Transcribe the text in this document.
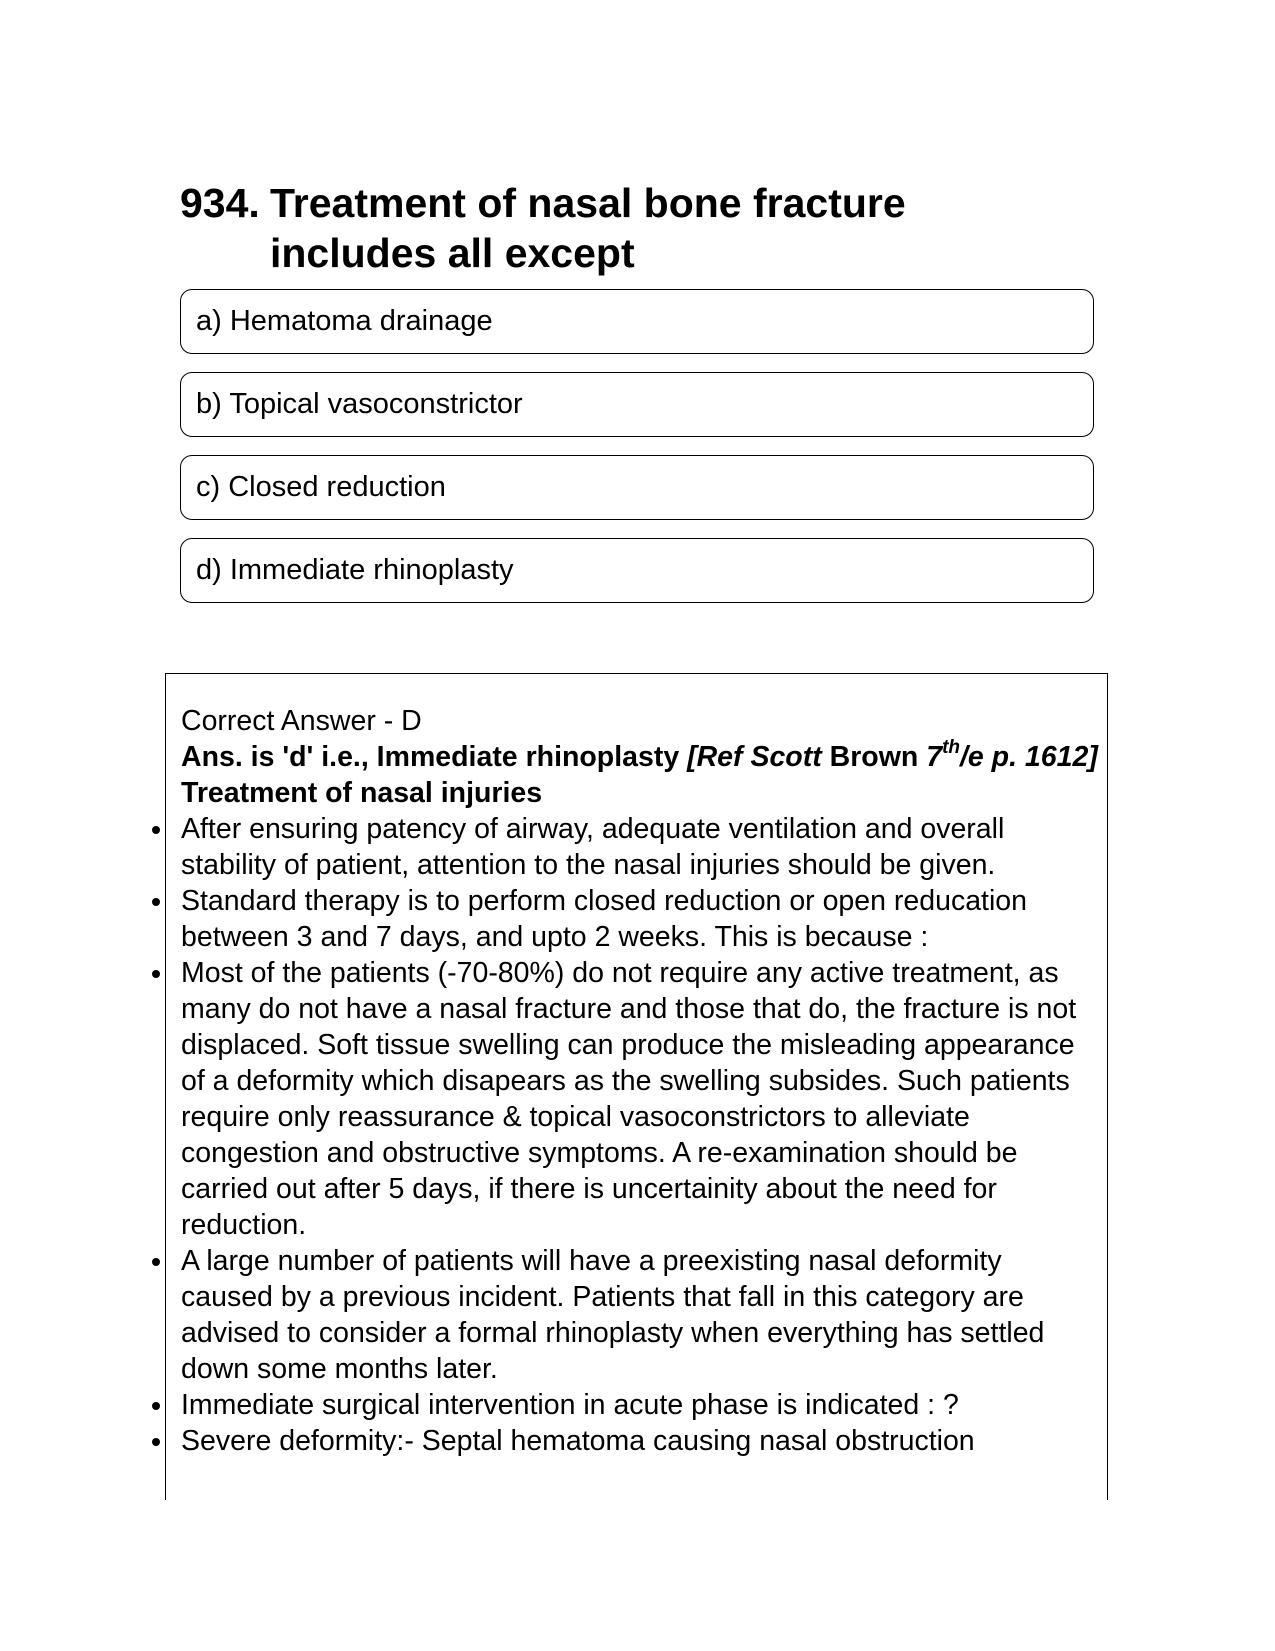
934. Treatment of nasal bone fracture includes all except
a) Hematoma drainage
b) Topical vasoconstrictor
c) Closed reduction
d) Immediate rhinoplasty

Correct Answer - D

Ans. is 'd' i.e., Immediate rhinoplasty [Ref Scott Brown 7th/e p. 1612]

Treatment of nasal injuries

After ensuring patency of airway, adequate ventilation and overall stability of patient, attention to the nasal injuries should be given.
Standard therapy is to perform closed reduction or open reducation between 3 and 7 days, and upto 2 weeks. This is because :
Most of the patients (-70-80%) do not require any active treatment, as many do not have a nasal fracture and those that do, the fracture is not displaced. Soft tissue swelling can produce the misleading appearance of a deformity which disapears as the swelling subsides. Such patients require only reassurance & topical vasoconstrictors to alleviate congestion and obstructive symptoms. A re-examination should be carried out after 5 days, if there is uncertainity about the need for reduction.
A large number of patients will have a preexisting nasal deformity caused by a previous incident. Patients that fall in this category are advised to consider a formal rhinoplasty when everything has settled down some months later.
Immediate surgical intervention in acute phase is indicated : ?
Severe deformity:- Septal hematoma causing nasal obstruction
